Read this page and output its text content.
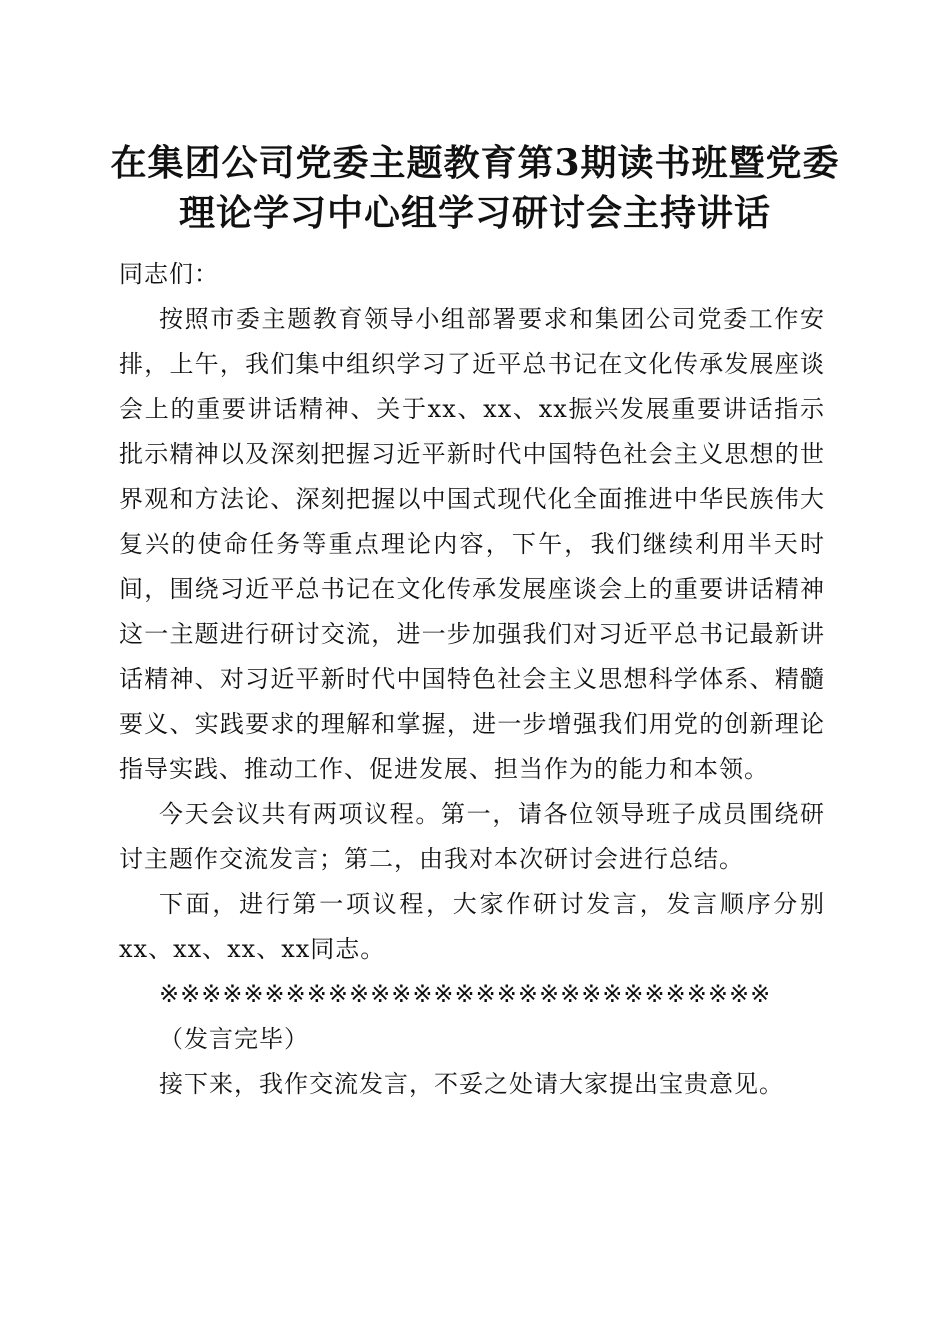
在集团公司党委主题教育第3期读书班暨党委
理论学习中心组学习研讨会主持讲话

同志们：

按照市委主题教育领导小组部署要求和集团公司党委工作安排，上午，我们集中组织学习了近平总书记在文化传承发展座谈会上的重要讲话精神、关于xx、xx、xx振兴发展重要讲话指示批示精神以及深刻把握习近平新时代中国特色社会主义思想的世界观和方法论、深刻把握以中国式现代化全面推进中华民族伟大复兴的使命任务等重点理论内容，下午，我们继续利用半天时间，围绕习近平总书记在文化传承发展座谈会上的重要讲话精神这一主题进行研讨交流，进一步加强我们对习近平总书记最新讲话精神、对习近平新时代中国特色社会主义思想科学体系、精髓要义、实践要求的理解和掌握，进一步增强我们用党的创新理论指导实践、推动工作、促进发展、担当作为的能力和本领。

今天会议共有两项议程。第一，请各位领导班子成员围绕研讨主题作交流发言；第二，由我对本次研讨会进行总结。

下面，进行第一项议程，大家作研讨发言，发言顺序分别xx、xx、xx、xx同志。

※※※※※※※※※※※※※※※※※※※※※※※※※※※※※

（发言完毕）

接下来，我作交流发言，不妥之处请大家提出宝贵意见。
